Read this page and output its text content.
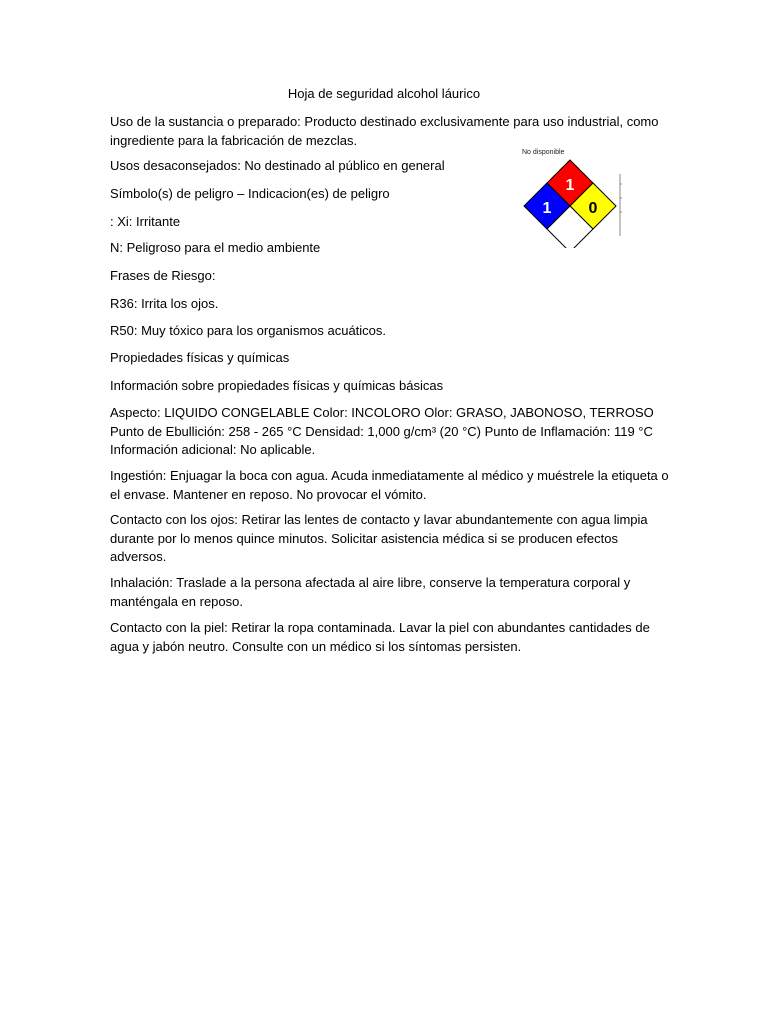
Hoja de seguridad alcohol láurico

Uso de la sustancia o preparado: Producto destinado exclusivamente para uso industrial, como ingrediente para la fabricación de mezclas.

Usos desaconsejados: No destinado al público en general

Símbolo(s) de peligro – Indicacion(es) de peligro

: Xi: Irritante

N: Peligroso para el medio ambiente

Frases de Riesgo:

R36: Irrita los ojos.

R50: Muy tóxico para los organismos acuáticos.

Propiedades físicas y químicas

Información sobre propiedades físicas y químicas básicas

Aspecto: LIQUIDO CONGELABLE Color: INCOLORO Olor: GRASO, JABONOSO, TERROSO Punto de Ebullición: 258 - 265 °C Densidad: 1,000 g/cm³ (20 °C) Punto de Inflamación: 119 °C Información adicional: No aplicable.

Ingestión: Enjuagar la boca con agua. Acuda inmediatamente al médico y muéstrele la etiqueta o el envase. Mantener en reposo. No provocar el vómito.

Contacto con los ojos: Retirar las lentes de contacto y lavar abundantemente con agua limpia durante por lo menos quince minutos. Solicitar asistencia médica si se producen efectos adversos.

Inhalación: Traslade a la persona afectada al aire libre, conserve la temperatura corporal y manténgala en reposo.

Contacto con la piel: Retirar la ropa contaminada. Lavar la piel con abundantes cantidades de agua y jabón neutro. Consulte con un médico si los síntomas persisten.

No disponible
1
1 0
